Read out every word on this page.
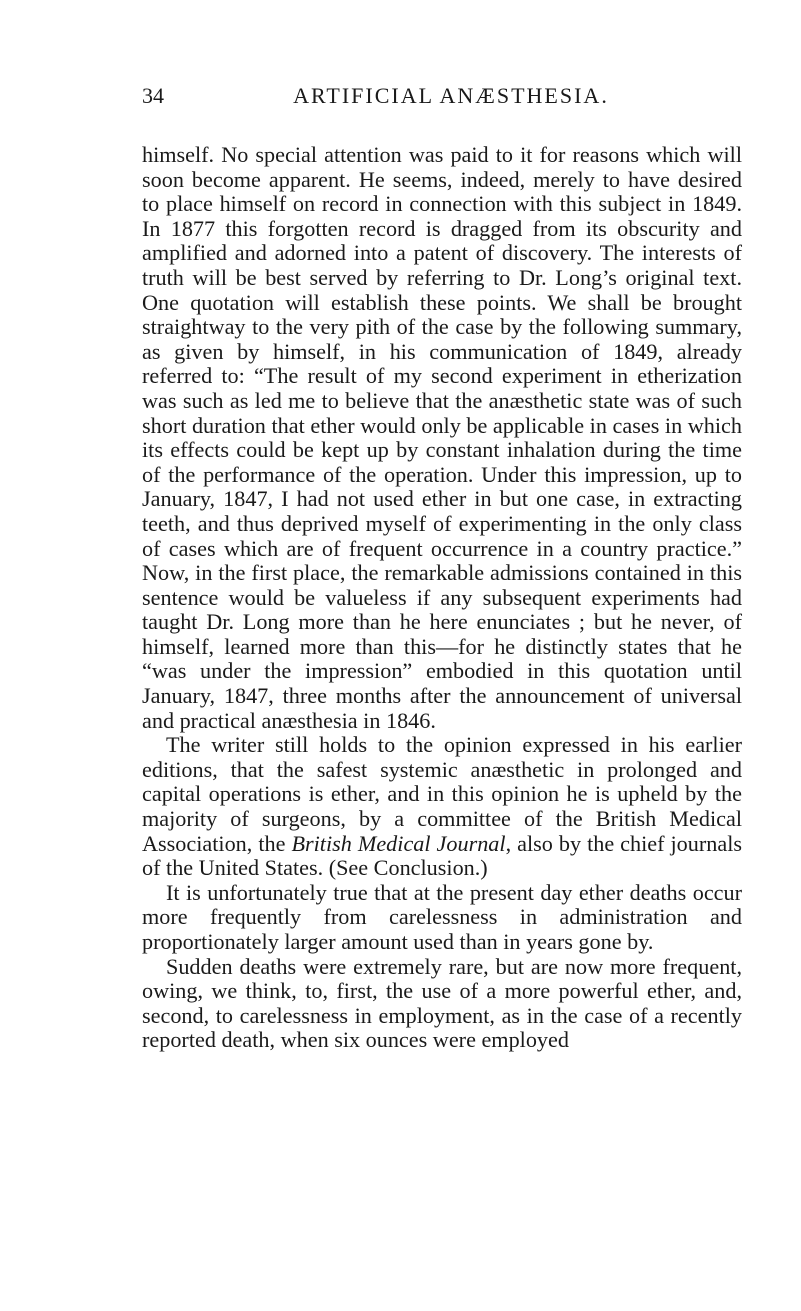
34	ARTIFICIAL ANÆSTHESIA.

himself. No special attention was paid to it for reasons which will soon become apparent. He seems, indeed, merely to have desired to place himself on record in connection with this subject in 1849. In 1877 this forgotten record is dragged from its obscurity and amplified and adorned into a patent of discovery. The interests of truth will be best served by referring to Dr. Long’s original text. One quotation will establish these points. We shall be brought straightway to the very pith of the case by the following summary, as given by himself, in his communication of 1849, already referred to: “The result of my second experiment in etherization was such as led me to believe that the anæsthetic state was of such short duration that ether would only be applicable in cases in which its effects could be kept up by constant inhalation during the time of the performance of the operation. Under this impression, up to January, 1847, I had not used ether in but one case, in extracting teeth, and thus deprived myself of experimenting in the only class of cases which are of frequent occurrence in a country practice.” Now, in the first place, the remarkable admissions contained in this sentence would be valueless if any subsequent experiments had taught Dr. Long more than he here enunciates ; but he never, of himself, learned more than this—for he distinctly states that he “was under the impression” embodied in this quotation until January, 1847, three months after the announcement of universal and practical anæsthesia in 1846.

The writer still holds to the opinion expressed in his earlier editions, that the safest systemic anæsthetic in prolonged and capital operations is ether, and in this opinion he is upheld by the majority of surgeons, by a committee of the British Medical Association, the British Medical Journal, also by the chief journals of the United States. (See Conclusion.)

It is unfortunately true that at the present day ether deaths occur more frequently from carelessness in administration and proportionately larger amount used than in years gone by.

Sudden deaths were extremely rare, but are now more frequent, owing, we think, to, first, the use of a more powerful ether, and, second, to carelessness in employment, as in the case of a recently reported death, when six ounces were employed
